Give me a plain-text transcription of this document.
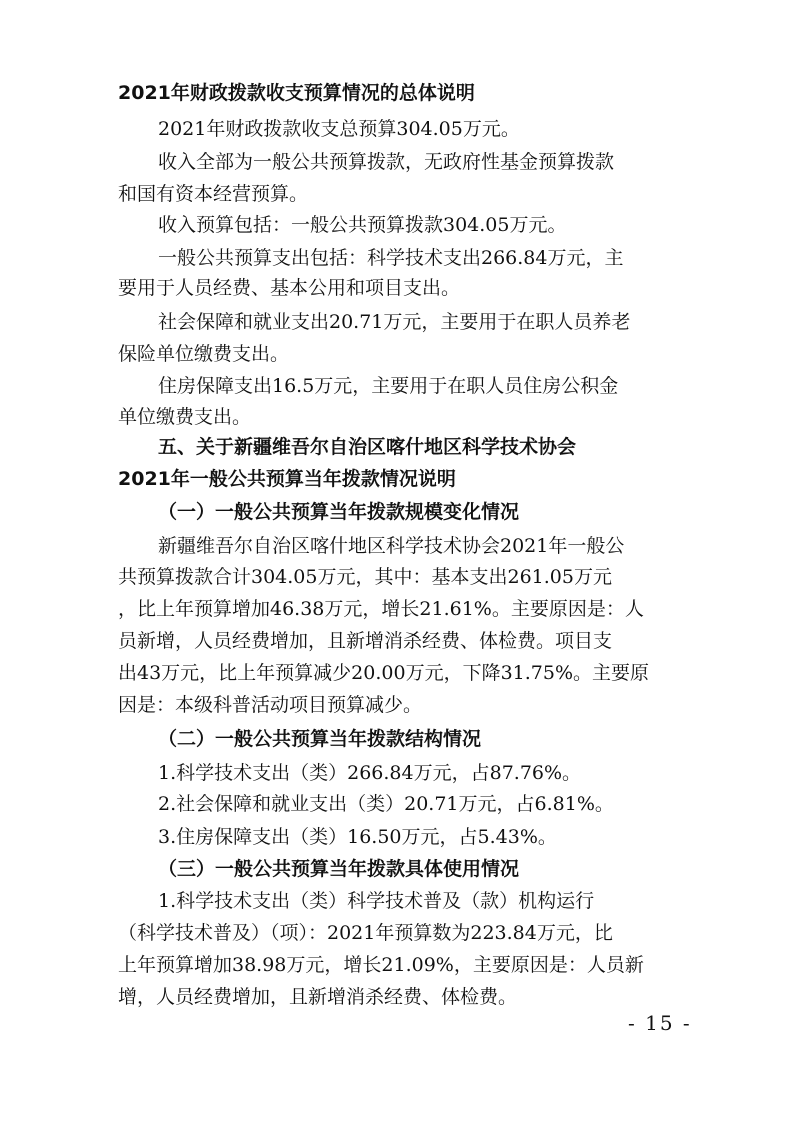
2021年财政拨款收支预算情况的总体说明
2021年财政拨款收支总预算304.05万元。
收入全部为一般公共预算拨款，无政府性基金预算拨款
和国有资本经营预算。
收入预算包括：一般公共预算拨款304.05万元。
一般公共预算支出包括：科学技术支出266.84万元，主
要用于人员经费、基本公用和项目支出。
社会保障和就业支出20.71万元，主要用于在职人员养老
保险单位缴费支出。
住房保障支出16.5万元，主要用于在职人员住房公积金
单位缴费支出。
五、关于新疆维吾尔自治区喀什地区科学技术协会
2021年一般公共预算当年拨款情况说明
（一）一般公共预算当年拨款规模变化情况
新疆维吾尔自治区喀什地区科学技术协会2021年一般公
共预算拨款合计304.05万元，其中：基本支出261.05万元
，比上年预算增加46.38万元，增长21.61%。主要原因是：人
员新增，人员经费增加，且新增消杀经费、体检费。项目支
出43万元，比上年预算减少20.00万元，下降31.75%。主要原
因是：本级科普活动项目预算减少。
（二）一般公共预算当年拨款结构情况
1.科学技术支出（类）266.84万元，占87.76%。
2.社会保障和就业支出（类）20.71万元，占6.81%。
3.住房保障支出（类）16.50万元，占5.43%。
（三）一般公共预算当年拨款具体使用情况
1.科学技术支出（类）科学技术普及（款）机构运行
（科学技术普及）（项）：2021年预算数为223.84万元，比
上年预算增加38.98万元，增长21.09%，主要原因是：人员新
增，人员经费增加，且新增消杀经费、体检费。
- 15 -
